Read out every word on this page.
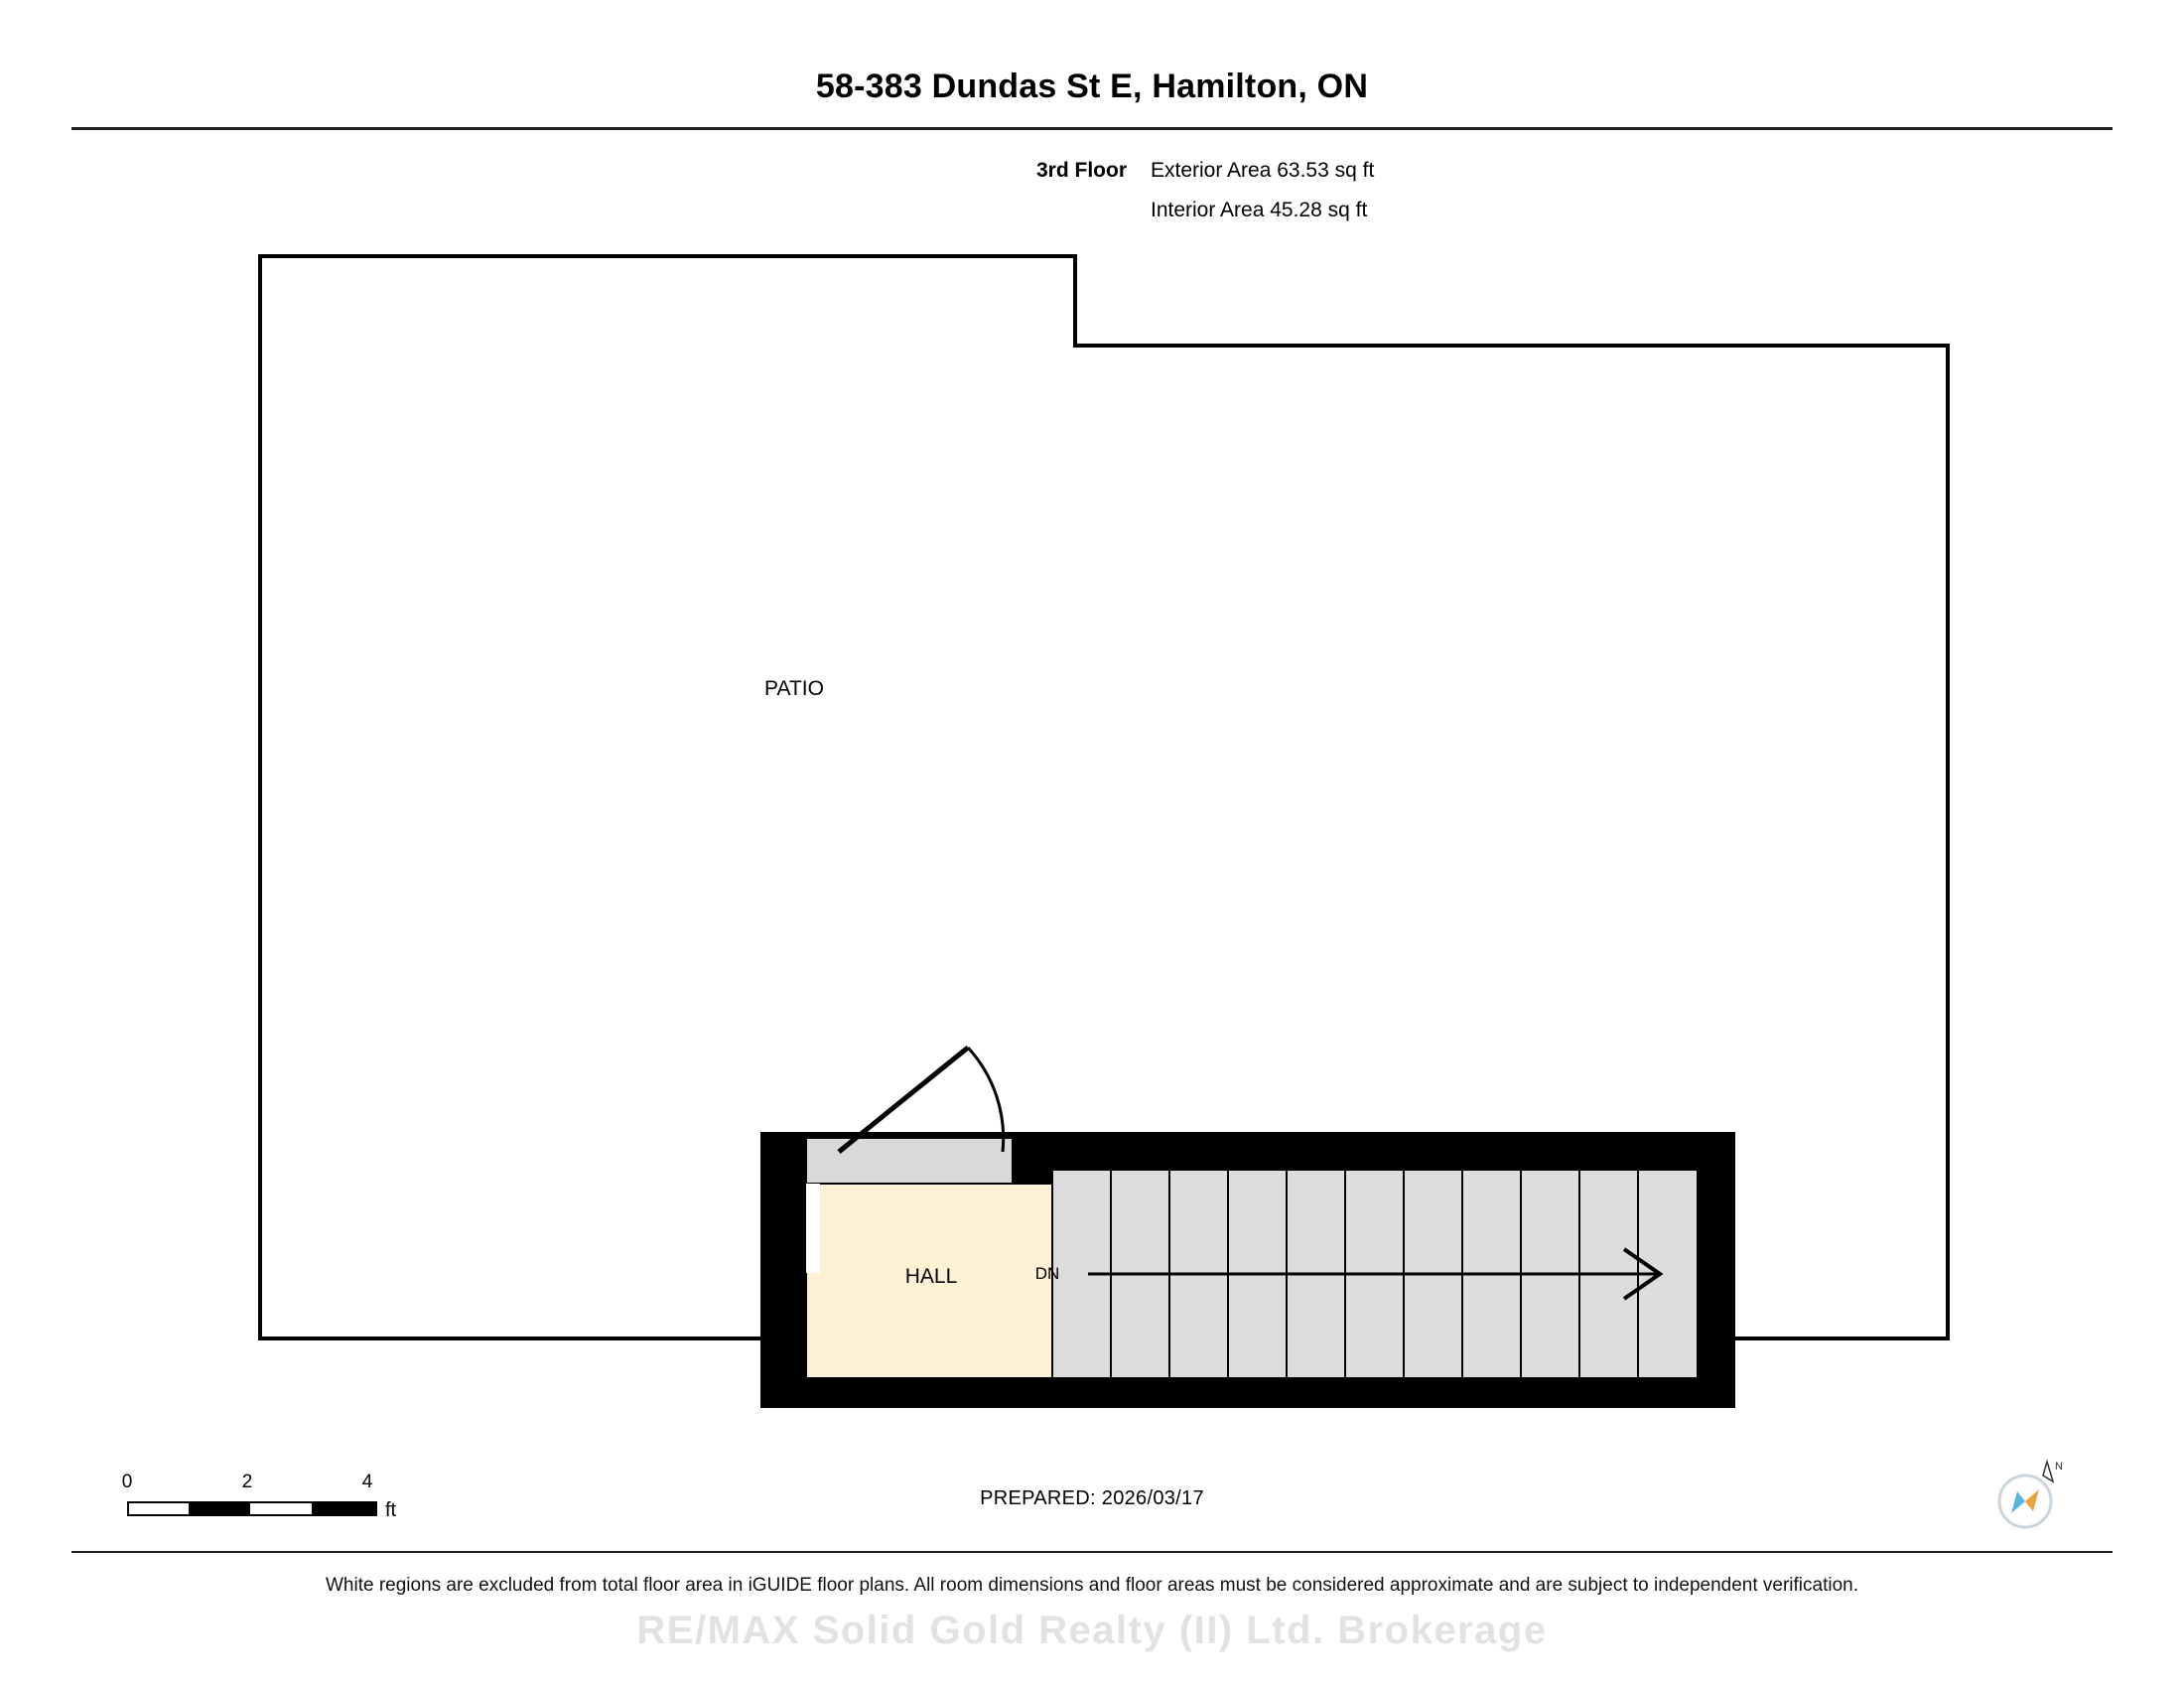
58-383 Dundas St E, Hamilton, ON
3rd Floor Exterior Area 63.53 sq ft
Interior Area 45.28 sq ft
PATIO
HALL	DN
0	2	4
ft
PREPARED: 2026/03/17
N
White regions are excluded from total floor area in iGUIDE floor plans. All room dimensions and floor areas must be considered approximate and are subject to independent verification.
RE/MAX Solid Gold Realty (II) Ltd. Brokerage
